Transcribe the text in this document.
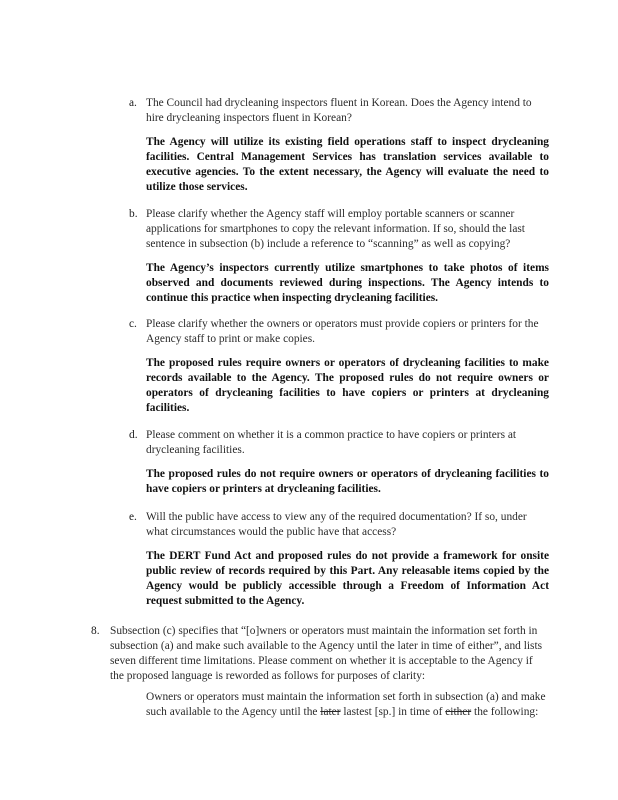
a. The Council had drycleaning inspectors fluent in Korean. Does the Agency intend to hire drycleaning inspectors fluent in Korean?
The Agency will utilize its existing field operations staff to inspect drycleaning facilities. Central Management Services has translation services available to executive agencies. To the extent necessary, the Agency will evaluate the need to utilize those services.
b. Please clarify whether the Agency staff will employ portable scanners or scanner applications for smartphones to copy the relevant information. If so, should the last sentence in subsection (b) include a reference to “scanning” as well as copying?
The Agency’s inspectors currently utilize smartphones to take photos of items observed and documents reviewed during inspections. The Agency intends to continue this practice when inspecting drycleaning facilities.
c. Please clarify whether the owners or operators must provide copiers or printers for the Agency staff to print or make copies.
The proposed rules require owners or operators of drycleaning facilities to make records available to the Agency. The proposed rules do not require owners or operators of drycleaning facilities to have copiers or printers at drycleaning facilities.
d. Please comment on whether it is a common practice to have copiers or printers at drycleaning facilities.
The proposed rules do not require owners or operators of drycleaning facilities to have copiers or printers at drycleaning facilities.
e. Will the public have access to view any of the required documentation? If so, under what circumstances would the public have that access?
The DERT Fund Act and proposed rules do not provide a framework for onsite public review of records required by this Part. Any releasable items copied by the Agency would be publicly accessible through a Freedom of Information Act request submitted to the Agency.
8. Subsection (c) specifies that “[o]wners or operators must maintain the information set forth in subsection (a) and make such available to the Agency until the later in time of either”, and lists seven different time limitations. Please comment on whether it is acceptable to the Agency if the proposed language is reworded as follows for purposes of clarity:
Owners or operators must maintain the information set forth in subsection (a) and make such available to the Agency until the later lastest [sp.] in time of either the following:
